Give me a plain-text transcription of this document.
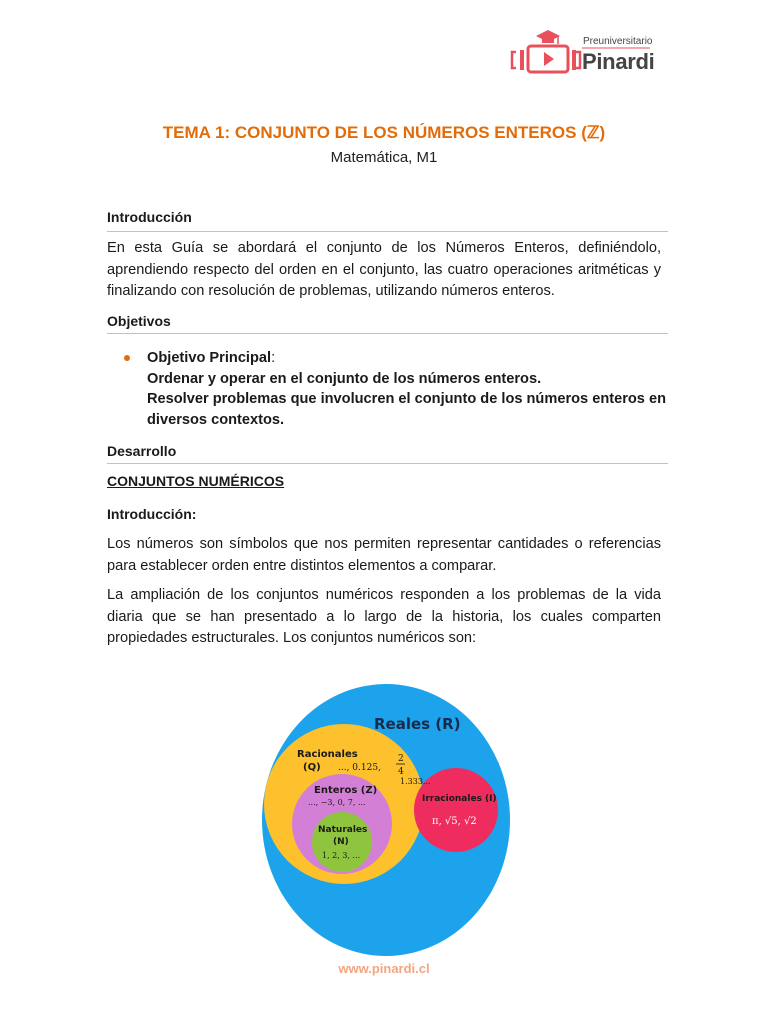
Preuniversitario
Pinardi
TEMA 1: CONJUNTO DE LOS NÚMEROS ENTEROS (ℤ)
Matemática, M1
Introducción
En esta Guía se abordará el conjunto de los Números Enteros, definiéndolo, aprendiendo respecto del orden en el conjunto, las cuatro operaciones aritméticas y finalizando con resolución de problemas, utilizando números enteros.
Objetivos
Objetivo Principal:
Ordenar y operar en el conjunto de los números enteros.
Resolver problemas que involucren el conjunto de los números enteros en diversos contextos.
Desarrollo
CONJUNTOS NUMÉRICOS
Introducción:
Los números son símbolos que nos permiten representar cantidades o referencias para establecer orden entre distintos elementos a comparar.
La ampliación de los conjuntos numéricos responden a los problemas de la vida diaria que se han presentado a lo largo de la historia, los cuales comparten propiedades estructurales. Los conjuntos numéricos son:
Reales (R)
Racionales
(Q) ..., 0.125,
2
4
1.333...
Enteros (Z)
..., −3, 0, 7, ...
Naturales
(N)
1, 2, 3, ...
Irracionales (I)
π, √5, √2
www.pinardi.cl
